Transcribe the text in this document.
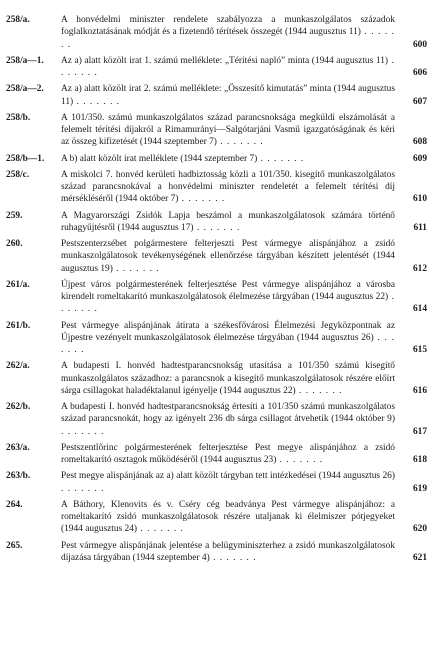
258/a.	A honvédelmi miniszter rendelete szabályozza a munkaszolgálatos századok foglalkoztatásának módját és a fizetendő térítések összegét (1944 augusztus 11) . . . . . . .	600
258/a—1.	Az a) alatt közölt irat 1. számú melléklete: „Térítési napló” minta (1944 augusztus 11) . . . . . . .	606
258/a—2.	Az a) alatt közölt irat 2. számú melléklete: „Összesítő kimutatás” minta (1944 augusztus 11) . . . . . . .	607
258/b.	A 101/350. számú munkaszolgálatos század parancsnoksága megküldi elszámolását a felemelt térítési díjakról a Rimamurányi—Salgótarjáni Vasmű igazgatóságának és kéri az összeg kifizetését (1944 szeptember 7) . . . . . . .	608
258/b—1.	A b) alatt közölt irat melléklete (1944 szeptember 7) . . . . . . .	609
258/c.	A miskolci 7. honvéd kerületi hadbiztosság közli a 101/350. kisegítő munkaszolgálatos század parancsnokával a honvédelmi miniszter rendeletét a felemelt térítési díj mérsékléséről (1944 október 7) . . . . . . .	610
259.	A Magyarországi Zsidók Lapja beszámol a munkaszolgálatosok számára történő ruhagyűjtésről (1944 augusztus 17) . . . . . . .	611
260.	Pestszenterzsébet polgármestere felterjeszti Pest vármegye alispánjához a zsidó munkaszolgálatosok tevékenységének ellenőrzése tárgyában készített jelentését (1944 augusztus 19) . . . . . . .	612
261/a.	Újpest város polgármesterének felterjesztése Pest vármegye alispánjához a városba kirendelt romeltakarító munkaszolgálatosok élelmezése tárgyában (1944 augusztus 22) . . . . . . .	614
261/b.	Pest vármegye alispánjának átirata a székesfővárosi Élelmezési Jegyközpontnak az Újpestre vezényelt munkaszolgálatosok élelmezése tárgyában (1944 augusztus 26) . . . . . . .	615
262/a.	A budapesti I. honvéd hadtestparancsnokság utasítása a 101/350 számú kisegítő munkaszolgálatos századhoz: a parancsnok a kisegítő munkaszolgálatosok részére előírt sárga csillagokat haladéktalanul igényelje (1944 augusztus 22) . . . . . . .	616
262/b.	A budapesti I. honvéd hadtestparancsnokság értesíti a 101/350 számú munkaszolgálatos század parancsnokát, hogy az igényelt 236 db sárga csillagot átvehetik (1944 október 9) . . . . . . .	617
263/a.	Pestszentlőrinc polgármesterének felterjesztése Pest megye alispánjához a zsidó romeltakarító osztagok működéséről (1944 augusztus 23) . . . . . . .	618
263/b.	Pest megye alispánjának az a) alatt közölt tárgyban tett intézkedései (1944 augusztus 26) . . . . . . .	619
264.	A Báthory, Klenovits és v. Cséry cég beadványa Pest vármegye alispánjához: a romeltakarító zsidó munkaszolgálatosok részére utaljanak ki élelmiszer pótjegyeket (1944 augusztus 24) . . . . . . .	620
265.	Pest vármegye alispánjának jelentése a belügyminiszterhez a zsidó munkaszolgálatosok díjazása tárgyában (1944 szeptember 4) . . . . . . .	621
